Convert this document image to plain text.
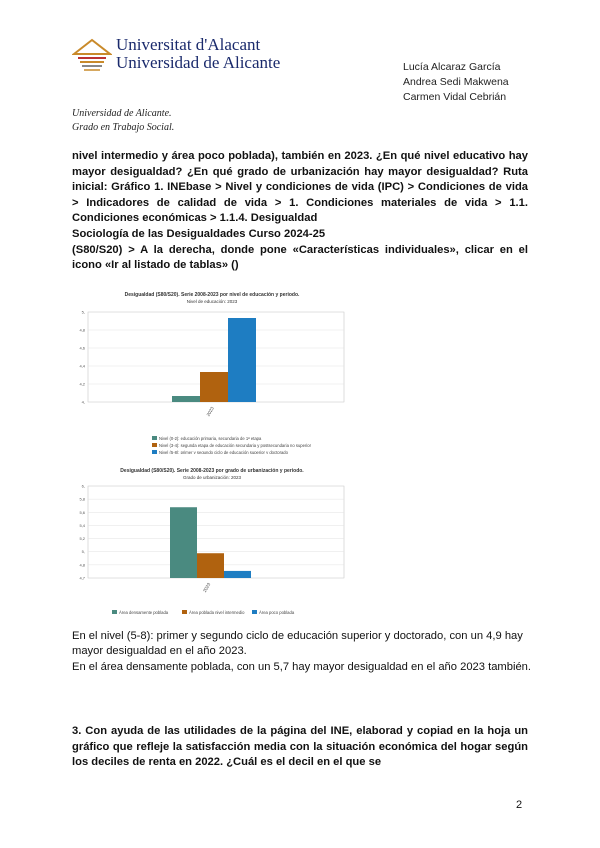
Universitat d'Alacant
Universidad de Alicante	Lucía Alcaraz García
Andrea Sedi Makwena
Carmen Vidal Cebrián
Universidad de Alicante.
Grado en Trabajo Social.
nivel intermedio y área poco poblada), también en 2023. ¿En qué nivel educativo hay mayor desigualdad? ¿En qué grado de urbanización hay mayor desigualdad? Ruta inicial: Gráfico 1. INEbase > Nivel y condiciones de vida (IPC) > Condiciones de vida > Indicadores de calidad de vida > 1. Condiciones materiales de vida > 1.1. Condiciones económicas > 1.1.4. Desigualdad
Sociología de las Desigualdades Curso 2024-25
(S80/S20) > A la derecha, donde pone «Características individuales», clicar en el icono «Ir al listado de tablas» ()
Desigualdad (S80/S20). Serie 2008-2023 por nivel de educación y periodo.
Nivel de educación: 2023
5,
4,8
4,6
4,4
4,2
4,
2023
Nivel (0-2): educación primaria, secundaria de 1ª etapa
Nivel (3-4): segunda etapa de educación secundaria y postsecundaria no superior
Nivel (5-8): primer y segundo ciclo de educación superior y doctorado
Desigualdad (S80/S20). Serie 2008-2023 por grado de urbanización y periodo.
Grado de urbanización: 2023
6,
5,8
5,6
5,4
5,2
5,
4,8
4,7
2023
Área densamente poblada	Área poblada nivel intermedio	Área poco poblada
En el nivel (5-8): primer y segundo ciclo de educación superior y doctorado, con un 4,9 hay mayor desigualdad en el año 2023.
En el área densamente poblada, con un 5,7 hay mayor desigualdad en el año 2023 también.
3. Con ayuda de las utilidades de la página del INE, elaborad y copiad en la hoja un gráfico que refleje la satisfacción media con la situación económica del hogar según los deciles de renta en 2022. ¿Cuál es el decil en el que se
2
